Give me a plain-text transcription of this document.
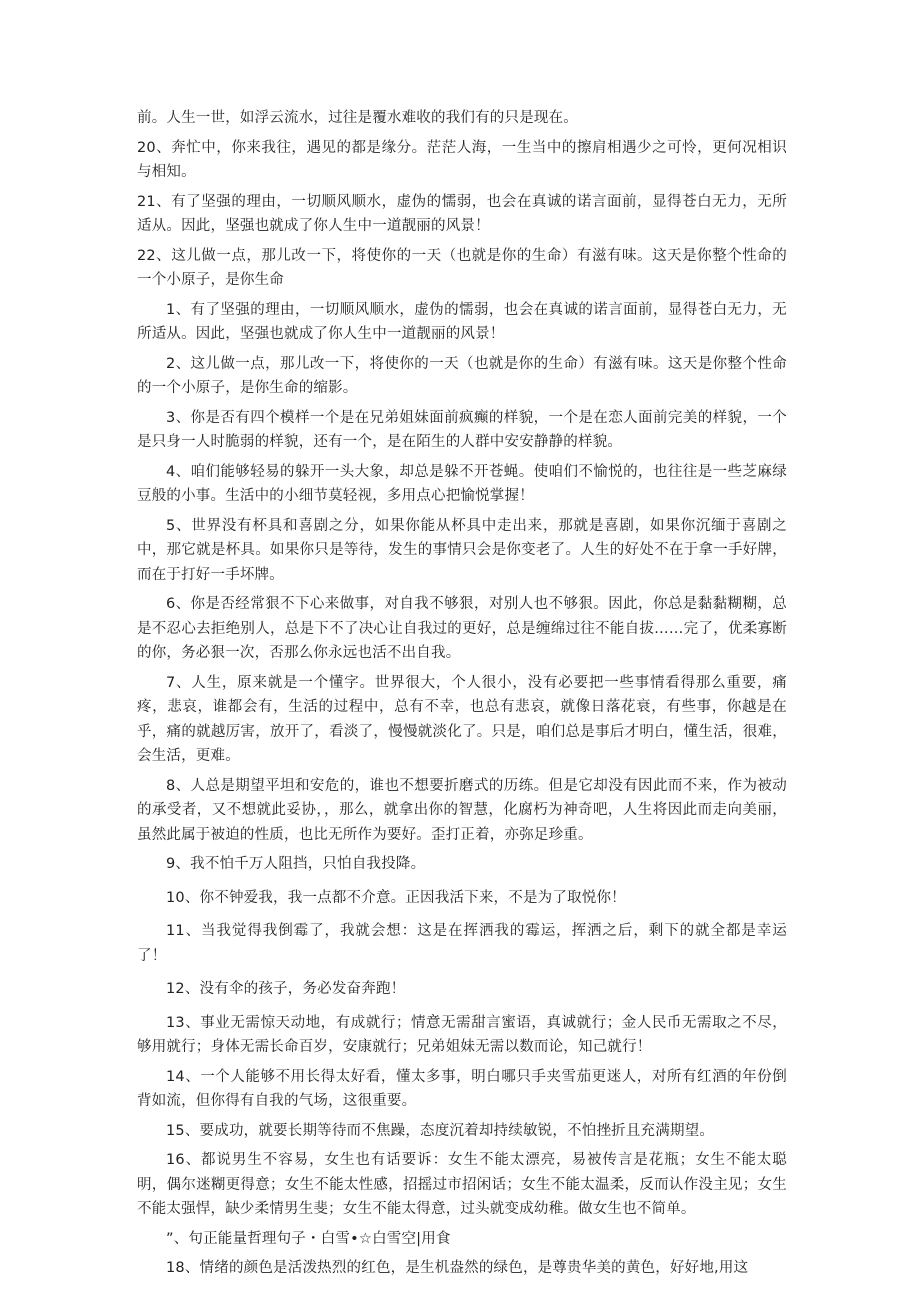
前。人生一世，如浮云流水，过往是覆水难收的我们有的只是现在。

20、奔忙中，你来我往，遇见的都是缘分。茫茫人海，一生当中的擦肩相遇少之可怜，更何况相识与相知。

21、有了坚强的理由，一切顺风顺水，虚伪的懦弱，也会在真诚的诺言面前，显得苍白无力，无所适从。因此，坚强也就成了你人生中一道靓丽的风景！

22、这儿做一点，那儿改一下，将使你的一天（也就是你的生命）有滋有味。这天是你整个性命的一个小原子，是你生命

1、有了坚强的理由，一切顺风顺水，虚伪的懦弱，也会在真诚的诺言面前，显得苍白无力，无所适从。因此，坚强也就成了你人生中一道靓丽的风景！

2、这儿做一点，那儿改一下，将使你的一天（也就是你的生命）有滋有味。这天是你整个性命的一个小原子，是你生命的缩影。

3、你是否有四个模样一个是在兄弟姐妹面前疯癫的样貌，一个是在恋人面前完美的样貌，一个是只身一人时脆弱的样貌，还有一个，是在陌生的人群中安安静静的样貌。

4、咱们能够轻易的躲开一头大象，却总是躲不开苍蝇。使咱们不愉悦的，也往往是一些芝麻绿豆般的小事。生活中的小细节莫轻视，多用点心把愉悦掌握！

5、世界没有杯具和喜剧之分，如果你能从杯具中走出来，那就是喜剧，如果你沉缅于喜剧之中，那它就是杯具。如果你只是等待，发生的事情只会是你变老了。人生的好处不在于拿一手好牌，而在于打好一手坏牌。

6、你是否经常狠不下心来做事，对自我不够狠，对别人也不够狠。因此，你总是黏黏糊糊，总是不忍心去拒绝别人，总是下不了决心让自我过的更好，总是缠绵过往不能自拔……完了，优柔寡断的你，务必狠一次，否那么你永远也活不出自我。

7、人生，原来就是一个懂字。世界很大，个人很小，没有必要把一些事情看得那么重要，痛疼，悲哀，谁都会有，生活的过程中，总有不幸，也总有悲哀，就像日落花衰，有些事，你越是在乎，痛的就越厉害，放开了，看淡了，慢慢就淡化了。只是，咱们总是事后才明白，懂生活，很难，会生活，更难。

8、人总是期望平坦和安危的，谁也不想要折磨式的历练。但是它却没有因此而不来，作为被动的承受者，又不想就此妥协，，那么，就拿出你的智慧，化腐朽为神奇吧，人生将因此而走向美丽，虽然此属于被迫的性质，也比无所作为要好。歪打正着，亦弥足珍重。

9、我不怕千万人阻挡，只怕自我投降。

10、你不钟爱我，我一点都不介意。正因我活下来，不是为了取悦你！

11、当我觉得我倒霉了，我就会想：这是在挥洒我的霉运，挥洒之后，剩下的就全都是幸运了！

12、没有伞的孩子，务必发奋奔跑！

13、事业无需惊天动地，有成就行；情意无需甜言蜜语，真诚就行；金人民币无需取之不尽，够用就行；身体无需长命百岁，安康就行；兄弟姐妹无需以数而论，知己就行！

14、一个人能够不用长得太好看，懂太多事，明白哪只手夹雪茄更迷人，对所有红酒的年份倒背如流，但你得有自我的气场，这很重要。

15、要成功，就要长期等待而不焦躁，态度沉着却持续敏锐，不怕挫折且充满期望。

16、都说男生不容易，女生也有话要诉：女生不能太漂亮，易被传言是花瓶；女生不能太聪明，偶尔迷糊更得意；女生不能太性感，招摇过市招闲话；女生不能太温柔，反而认作没主见；女生不能太强悍，缺少柔情男生斐；女生不能太得意，过头就变成幼稚。做女生也不简单。

”、句正能量哲理句子・白雪•☆白雪空|用食

18、情绪的颜色是活泼热烈的红色，是生机盎然的绿色，是尊贵华美的黄色，好好地,用这
